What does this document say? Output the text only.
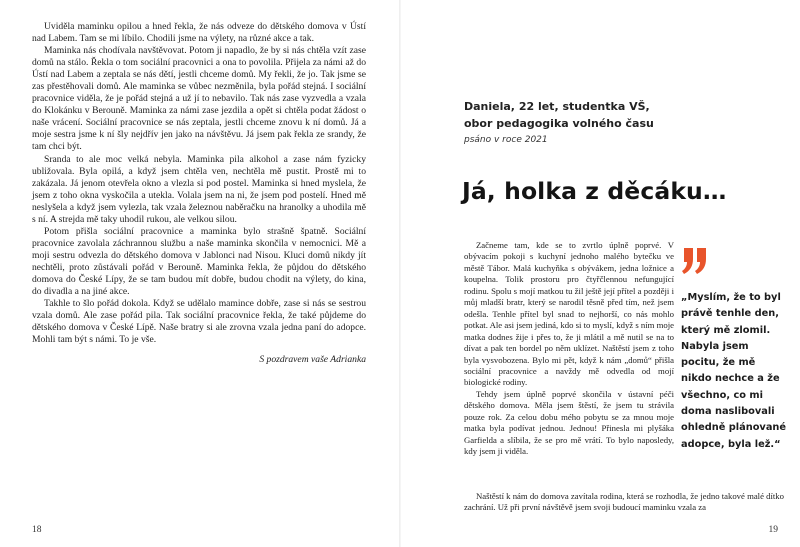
Uviděla maminku opilou a hned řekla, že nás odveze do dětského domova v Ústí nad Labem. Tam se mi líbilo. Chodili jsme na výlety, na různé akce a tak.

Maminka nás chodívala navštěvovat. Potom ji napadlo, že by si nás chtěla vzít zase domů na stálo. Řekla o tom sociální pracovnici a ona to povolila. Přijela za námi až do Ústí nad Labem a zeptala se nás dětí, jestli chceme domů. My řekli, že jo. Tak jsme se zas přestěhovali domů. Ale maminka se vůbec nezměnila, byla pořád stejná. I sociální pracovnice viděla, že je pořád stejná a už jí to nebavilo. Tak nás zase vyzvedla a vzala do Klokánku v Berouně. Maminka za námi zase jezdila a opět si chtěla podat žádost o naše vrácení. Sociální pracovnice se nás zeptala, jestli chceme znovu k ní domů. Já a moje sestra jsme k ní šly nejdřív jen jako na návštěvu. Já jsem pak řekla ze srandy, že tam chci být.

Sranda to ale moc velká nebyla. Maminka pila alkohol a zase nám fyzicky ubližovala. Byla opilá, a když jsem chtěla ven, nechtěla mě pustit. Prostě mi to zakázala. Já jenom otevřela okno a vlezla si pod postel. Maminka si hned myslela, že jsem z toho okna vyskočila a utekla. Volala jsem na ni, že jsem pod postelí. Hned mě neslyšela a když jsem vylezla, tak vzala železnou naběračku na hranolky a uhodila mě s ní. A strejda mě taky uhodil rukou, ale velkou silou.

Potom přišla sociální pracovnice a maminka bylo strašně špatně. Sociální pracovnice zavolala záchrannou službu a naše maminka skončila v nemocnici. Mě a moji sestru odvezla do dětského domova v Jablonci nad Nisou. Kluci domů nikdy jít nechtěli, proto zůstávali pořád v Berouně. Maminka řekla, že půjdou do dětského domova do České Lípy, že se tam budou mít dobře, budou chodit na výlety, do kina, do divadla a na jiné akce.

Takhle to šlo pořád dokola. Když se udělalo mamince dobře, zase si nás se sestrou vzala domů. Ale zase pořád pila. Tak sociální pracovnice řekla, že také půjdeme do dětského domova v České Lípě. Naše bratry si ale zrovna vzala jedna paní do adopce. Mohli tam být s námi. To je vše.

S pozdravem vaše Adrianka
18
Daniela, 22 let, studentka VŠ,
obor pedagogika volného času
psáno v roce 2021
Já, holka z děcáku…

Začneme tam, kde se to zvrtlo úplně poprvé. V obývacím pokoji s kuchyní jednoho malého bytečku ve městě Tábor. Malá kuchyňka s obývákem, jedna ložnice a koupelna. Tolik prostoru pro čtyřčlennou nefungující rodinu. Spolu s mojí matkou tu žil ještě její přítel a později i můj mladší bratr, který se narodil těsně před tím, než jsem odešla. Tenhle přítel byl snad to nejhorší, co nás mohlo potkat. Ale asi jsem jediná, kdo si to myslí, když s ním moje matka dodnes žije i přes to, že ji mlátil a mě nutil se na to dívat a pak ten bordel po něm uklízet. Naštěstí jsem z toho byla vysvobozena. Bylo mi pět, když k nám „domů“ přišla sociální pracovnice a navždy mě odvedla od mojí biologické rodiny.

Tehdy jsem úplně poprvé skončila v ústavní péči dětského domova. Měla jsem štěstí, že jsem tu strávila pouze rok. Za celou dobu mého pobytu se za mnou moje matka byla podívat jednou. Jednou! Přinesla mi plyšáka Garfielda a slíbila, že se pro mě vrátí. To bylo naposledy, kdy jsem ji viděla.

Naštěstí k nám do domova zavítala rodina, která se rozhodla, že jedno takové malé dítko zachrání. Už při první návštěvě jsem svoji budoucí maminku vzala za

„Myslím, že to byl právě tenhle den, který mě zlomil. Nabyla jsem pocitu, že mě nikdo nechce a že všechno, co mi doma naslibovali ohledně plánované adopce, byla lež.“
19
